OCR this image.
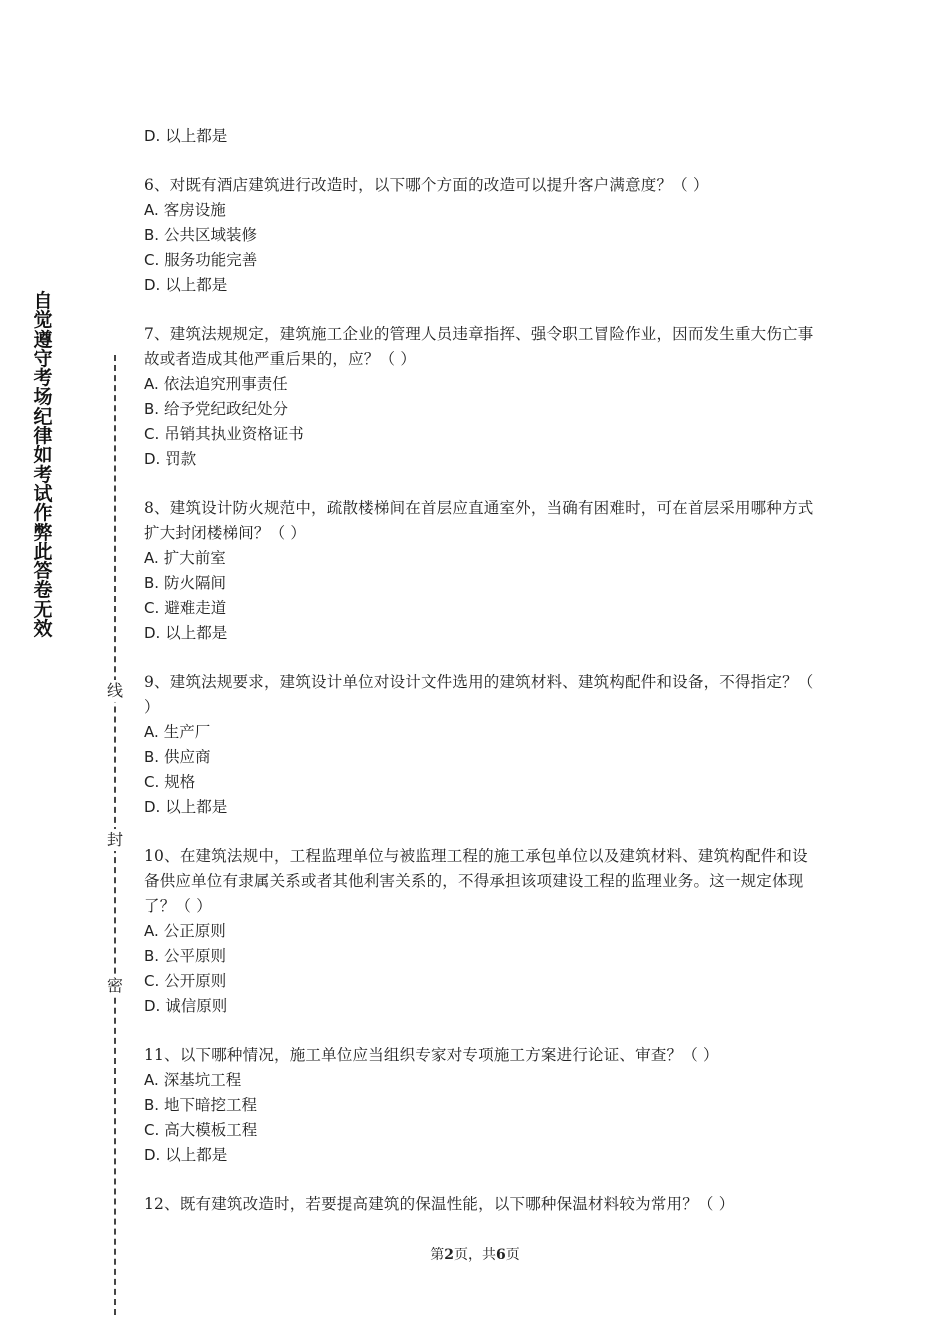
自觉遵守考场纪律如考试作弊此答卷无效
线
封
密

D. 以上都是

6、对既有酒店建筑进行改造时，以下哪个方面的改造可以提升客户满意度？（ ）

A. 客房设施

B. 公共区域装修

C. 服务功能完善

D. 以上都是

7、建筑法规规定，建筑施工企业的管理人员违章指挥、强令职工冒险作业，因而发生重大伤亡事故或者造成其他严重后果的，应？（ ）

A. 依法追究刑事责任

B. 给予党纪政纪处分

C. 吊销其执业资格证书

D. 罚款

8、建筑设计防火规范中，疏散楼梯间在首层应直通室外，当确有困难时，可在首层采用哪种方式扩大封闭楼梯间？（ ）

A. 扩大前室

B. 防火隔间

C. 避难走道

D. 以上都是

9、建筑法规要求，建筑设计单位对设计文件选用的建筑材料、建筑构配件和设备，不得指定？（ ）

A. 生产厂

B. 供应商

C. 规格

D. 以上都是

10、在建筑法规中，工程监理单位与被监理工程的施工承包单位以及建筑材料、建筑构配件和设备供应单位有隶属关系或者其他利害关系的，不得承担该项建设工程的监理业务。这一规定体现了？（ ）

A. 公正原则

B. 公平原则

C. 公开原则

D. 诚信原则

11、以下哪种情况，施工单位应当组织专家对专项施工方案进行论证、审查？（ ）

A. 深基坑工程

B. 地下暗挖工程

C. 高大模板工程

D. 以上都是

12、既有建筑改造时，若要提高建筑的保温性能，以下哪种保温材料较为常用？（ ）

第2页，共6页
